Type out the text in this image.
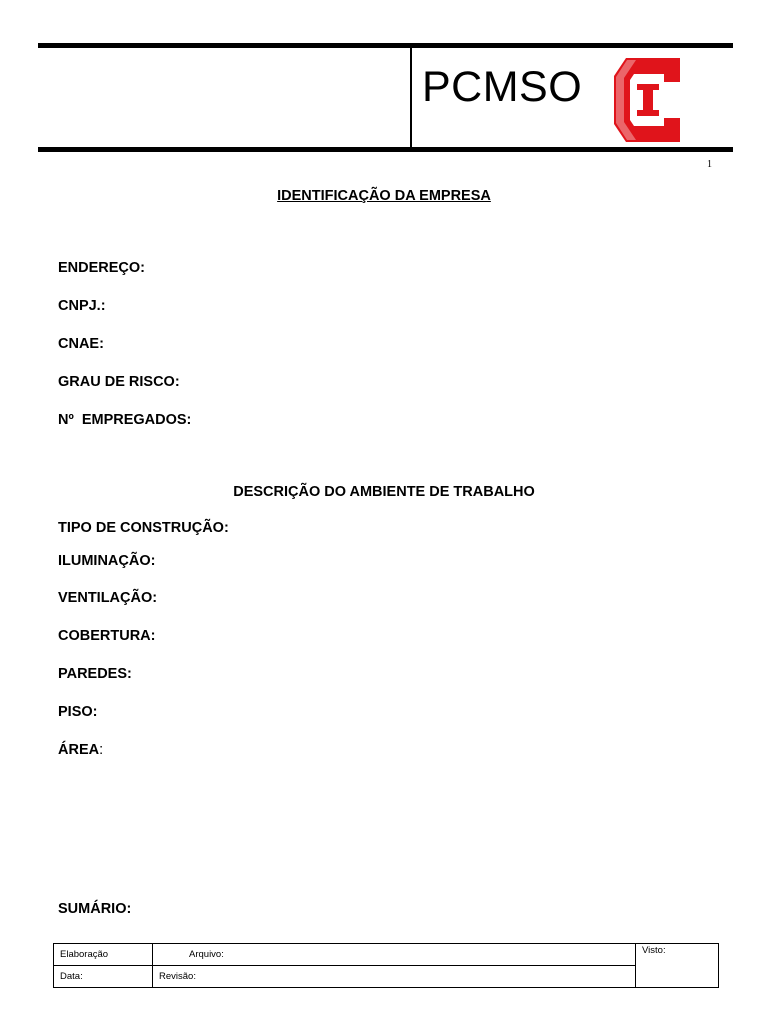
PCMSO
1
IDENTIFICAÇÃO DA EMPRESA
ENDEREÇO:
CNPJ.:
CNAE:
GRAU DE RISCO:
Nº  EMPREGADOS:
DESCRIÇÃO DO AMBIENTE DE TRABALHO
TIPO DE CONSTRUÇÃO:
ILUMINAÇÃO:
VENTILAÇÃO:
COBERTURA:
PAREDES:
PISO:
ÁREA:
SUMÁRIO:
Elaboração	Arquivo:	Visto:
Data:	Revisão:	
